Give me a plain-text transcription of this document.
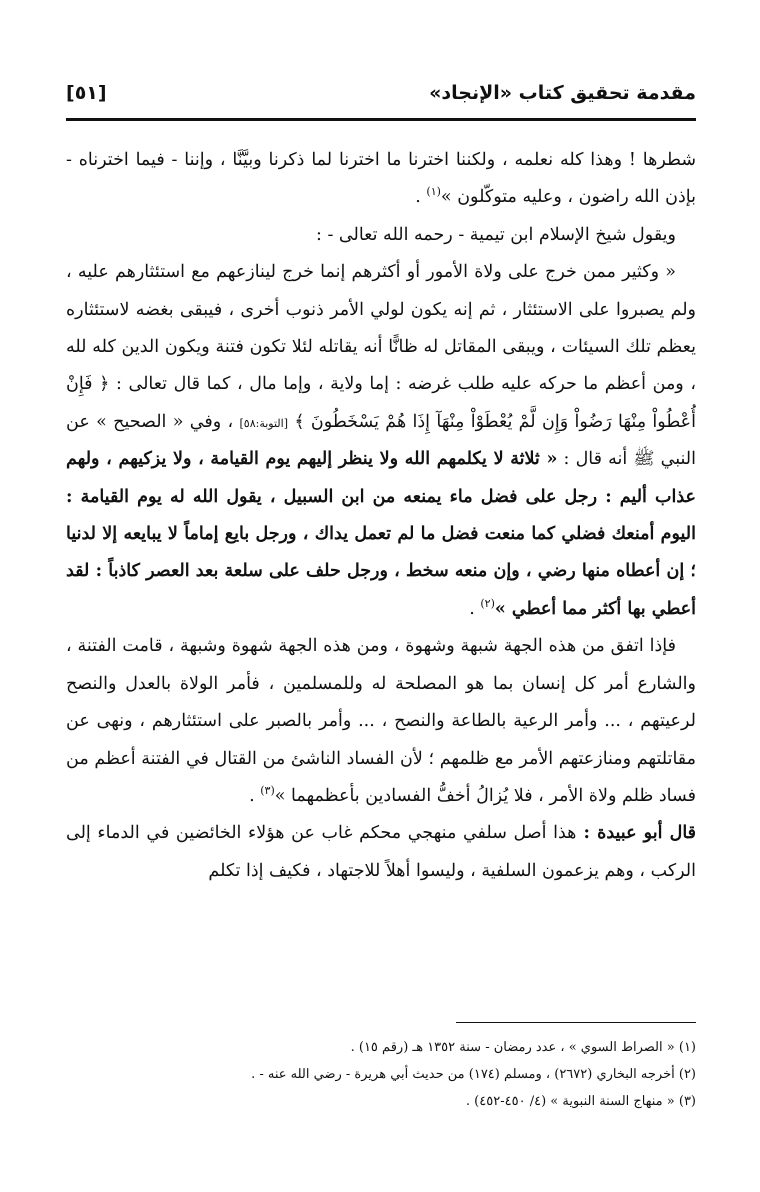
مقدمة تحقيق كتاب «الإنجاد»
[٥١]

شطرها ! وهذا كله نعلمه ، ولكننا اخترنا ما اخترنا لما ذكرنا وبيَّنَّا ، وإننا - فيما اخترناه - بإذن الله راضون ، وعليه متوكّلون »$^{(١)}$ .

ويقول شيخ الإسلام ابن تيمية - رحمه الله تعالى - :

« وكثير ممن خرج على ولاة الأمور أو أكثرهم إنما خرج لينازعهم مع استئثارهم عليه ، ولم يصبروا على الاستئثار ، ثم إنه يكون لولي الأمر ذنوب أخرى ، فيبقى بغضه لاستئثاره يعظم تلك السيئات ، ويبقى المقاتل له ظانًّا أنه يقاتله لئلا تكون فتنة ويكون الدين كله لله ، ومن أعظم ما حركه عليه طلب غرضه : إما ولاية ، وإما مال ، كما قال تعالى : ﴿ فَإِنْ أُعْطُواْ مِنْهَا رَضُواْ وَإِن لَّمْ يُعْطَوْاْ مِنْهَآ إِذَا هُمْ يَسْخَطُونَ ﴾ [التوبة:٥٨] ، وفي « الصحيح » عن النبي ﷺ أنه قال : « ثلاثة لا يكلمهم الله ولا ينظر إليهم يوم القيامة ، ولا يزكيهم ، ولهم عذاب أليم : رجل على فضل ماء يمنعه من ابن السبيل ، يقول الله له يوم القيامة : اليوم أمنعك فضلي كما منعت فضل ما لم تعمل يداك ، ورجل بايع إماماً لا يبايعه إلا لدنيا ؛ إن أعطاه منها رضي ، وإن منعه سخط ، ورجل حلف على سلعة بعد العصر كاذباً : لقد أعطي بها أكثر مما أعطي »$^{(٢)}$ .

فإذا اتفق من هذه الجهة شبهة وشهوة ، ومن هذه الجهة شهوة وشبهة ، قامت الفتنة ، والشارع أمر كل إنسان بما هو المصلحة له وللمسلمين ، فأمر الولاة بالعدل والنصح لرعيتهم ، ... وأمر الرعية بالطاعة والنصح ، ... وأمر بالصبر على استئثارهم ، ونهى عن مقاتلتهم ومنازعتهم الأمر مع ظلمهم ؛ لأن الفساد الناشئ من القتال في الفتنة أعظم من فساد ظلم ولاة الأمر ، فلا يُزالُ أخفُّ الفسادين بأعظمهما »$^{(٣)}$ .

قال أبو عبيدة : هذا أصل سلفي منهجي محكم غاب عن هؤلاء الخائضين في الدماء إلى الركب ، وهم يزعمون السلفية ، وليسوا أهلاً للاجتهاد ، فكيف إذا تكلم

(١) « الصراط السوي » ، عدد رمضان - سنة ١٣٥٢ هـ (رقم ١٥) .

(٢) أخرجه البخاري (٢٦٧٢) ، ومسلم (١٧٤) من حديث أبي هريرة - رضي الله عنه - .

(٣) « منهاج السنة النبوية » (٤/ ٤٥٠-٤٥٢) .
